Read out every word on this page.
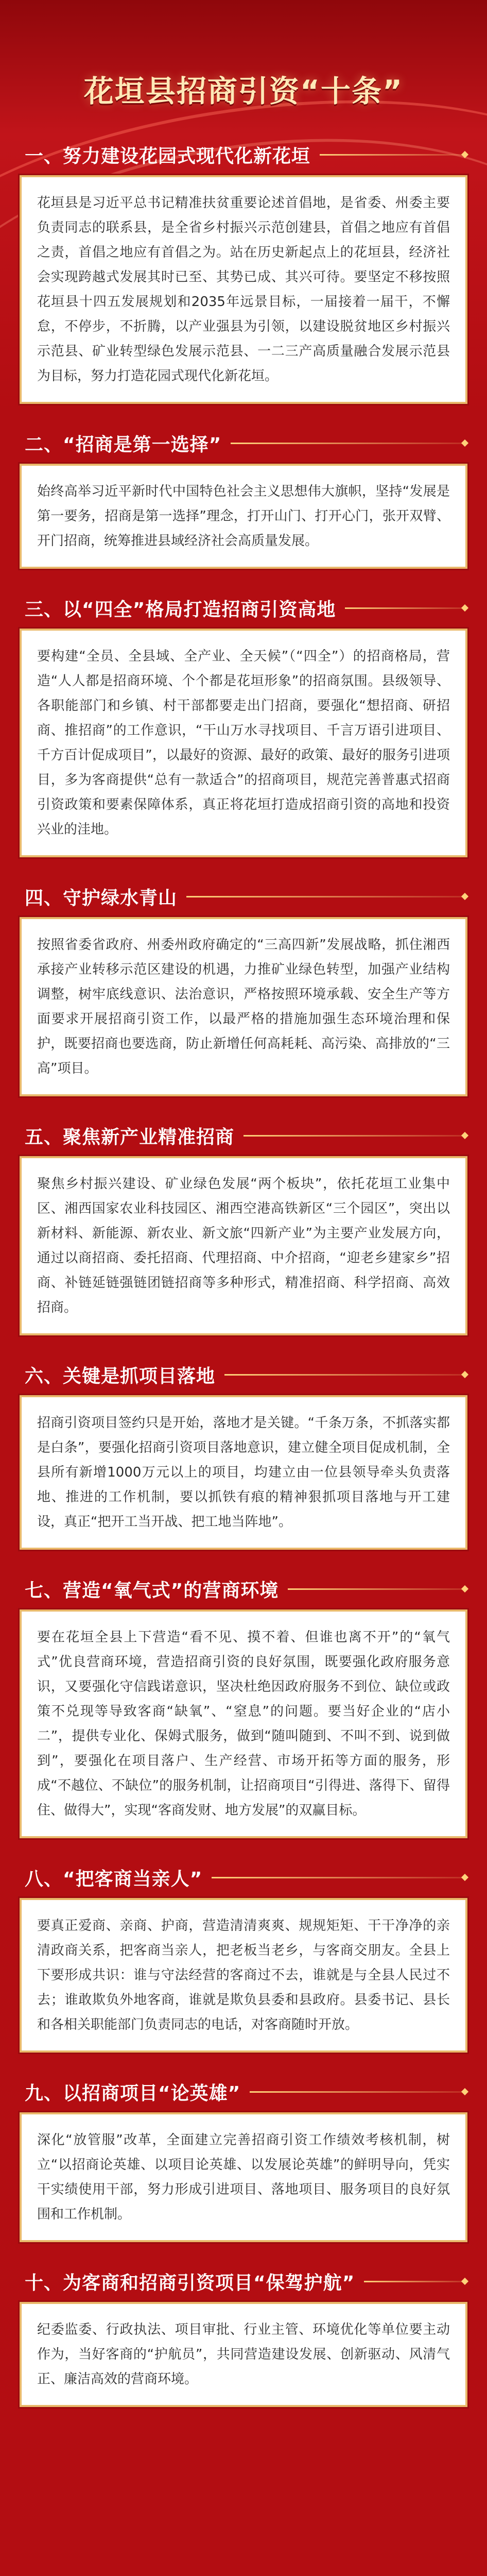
花垣县招商引资“十条”
一、努力建设花园式现代化新花垣
花垣县是习近平总书记精准扶贫重要论述首倡地，是省委、州委主要负责同志的联系县，是全省乡村振兴示范创建县，首倡之地应有首倡之责，首倡之地应有首倡之为。站在历史新起点上的花垣县，经济社会实现跨越式发展其时已至、其势已成、其兴可待。要坚定不移按照花垣县十四五发展规划和2035年远景目标，一届接着一届干，不懈怠，不停步，不折腾，以产业强县为引领，以建设脱贫地区乡村振兴示范县、矿业转型绿色发展示范县、一二三产高质量融合发展示范县为目标，努力打造花园式现代化新花垣。
二、“招商是第一选择”
始终高举习近平新时代中国特色社会主义思想伟大旗帜，坚持“发展是第一要务，招商是第一选择”理念，打开山门、打开心门，张开双臂、开门招商，统筹推进县域经济社会高质量发展。
三、以“四全”格局打造招商引资高地
要构建“全员、全县域、全产业、全天候”（“四全”）的招商格局，营造“人人都是招商环境、个个都是花垣形象”的招商氛围。县级领导、各职能部门和乡镇、村干部都要走出门招商，要强化“想招商、研招商、推招商”的工作意识，“干山万水寻找项目、千言万语引进项目、千方百计促成项目”，以最好的资源、最好的政策、最好的服务引进项目，多为客商提供“总有一款适合”的招商项目，规范完善普惠式招商引资政策和要素保障体系，真正将花垣打造成招商引资的高地和投资兴业的洼地。
四、守护绿水青山
按照省委省政府、州委州政府确定的“三高四新”发展战略，抓住湘西承接产业转移示范区建设的机遇，力推矿业绿色转型，加强产业结构调整，树牢底线意识、法治意识，严格按照环境承载、安全生产等方面要求开展招商引资工作，以最严格的措施加强生态环境治理和保护，既要招商也要选商，防止新增任何高耗耗、高污染、高排放的“三高”项目。
五、聚焦新产业精准招商
聚焦乡村振兴建设、矿业绿色发展“两个板块”，依托花垣工业集中区、湘西国家农业科技园区、湘西空港高铁新区“三个园区”，突出以新材料、新能源、新农业、新文旅“四新产业”为主要产业发展方向，通过以商招商、委托招商、代理招商、中介招商，“迎老乡建家乡”招商、补链延链强链团链招商等多种形式，精准招商、科学招商、高效招商。
六、关键是抓项目落地
招商引资项目签约只是开始，落地才是关键。“千条万条，不抓落实都是白条”，要强化招商引资项目落地意识，建立健全项目促成机制，全县所有新增1000万元以上的项目，均建立由一位县领导牵头负责落地、推进的工作机制，要以抓铁有痕的精神狠抓项目落地与开工建设，真正“把开工当开战、把工地当阵地”。
七、营造“氧气式”的营商环境
要在花垣全县上下营造“看不见、摸不着、但谁也离不开”的“氧气式”优良营商环境，营造招商引资的良好氛围，既要强化政府服务意识，又要强化守信践诺意识，坚决杜绝因政府服务不到位、缺位或政策不兑现等导致客商“缺氧”、“窒息”的问题。要当好企业的“店小二”，提供专业化、保姆式服务，做到“随叫随到、不叫不到、说到做到”，要强化在项目落户、生产经营、市场开拓等方面的服务，形成“不越位、不缺位”的服务机制，让招商项目“引得进、落得下、留得住、做得大”，实现“客商发财、地方发展”的双赢目标。
八、“把客商当亲人”
要真正爱商、亲商、护商，营造清清爽爽、规规矩矩、干干净净的亲清政商关系，把客商当亲人，把老板当老乡，与客商交朋友。全县上下要形成共识：谁与守法经营的客商过不去，谁就是与全县人民过不去；谁敢欺负外地客商，谁就是欺负县委和县政府。县委书记、县长和各相关职能部门负责同志的电话，对客商随时开放。
九、以招商项目“论英雄”
深化“放管服”改革，全面建立完善招商引资工作绩效考核机制，树立“以招商论英雄、以项目论英雄、以发展论英雄”的鲜明导向，凭实干实绩使用干部，努力形成引进项目、落地项目、服务项目的良好氛围和工作机制。
十、为客商和招商引资项目“保驾护航”
纪委监委、行政执法、项目审批、行业主管、环境优化等单位要主动作为，当好客商的“护航员”，共同营造建设发展、创新驱动、风清气正、廉洁高效的营商环境。
